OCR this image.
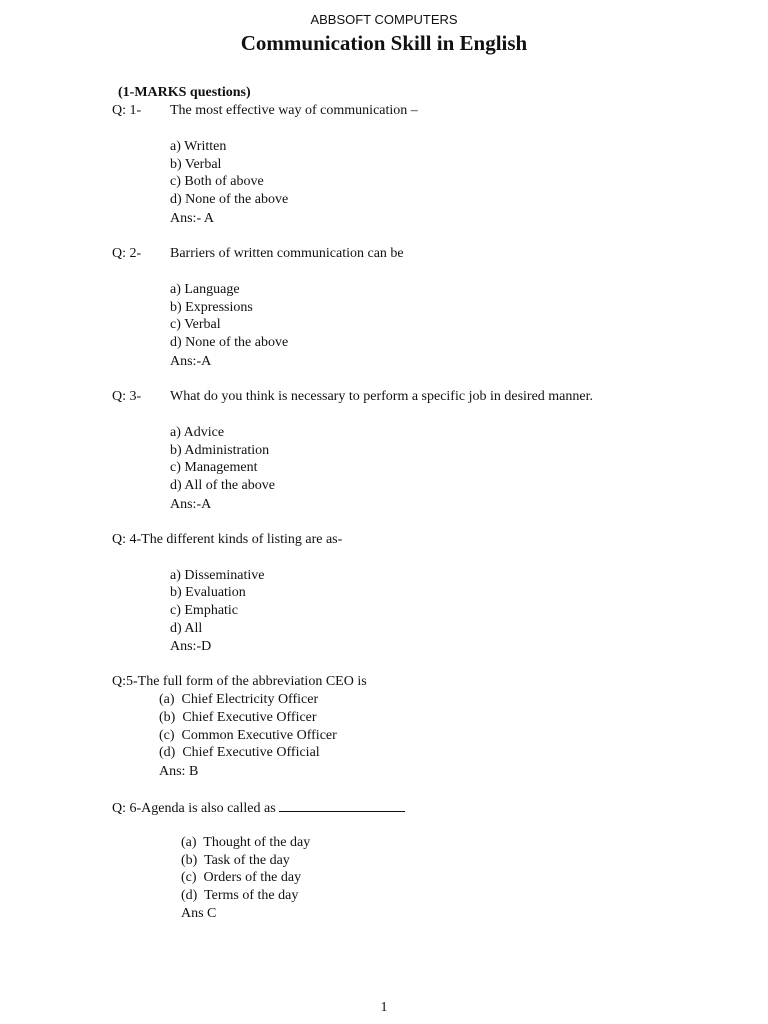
ABBSOFT COMPUTERS
Communication Skill in English
(1-MARKS questions)
Q: 1- The most effective way of communication –
a) Written
b) Verbal
c) Both of above
d) None of the above
Ans:- A
Q: 2- Barriers of written communication can be
a) Language
b) Expressions
c) Verbal
d) None of the above
Ans:-A
Q: 3- What do you think is necessary to perform a specific job in desired manner.
a) Advice
b) Administration
c) Management
d) All of the above
Ans:-A
Q: 4-The different kinds of listing are as-
a) Disseminative
b) Evaluation
c) Emphatic
d) All
Ans:-D
Q:5-The full form of the abbreviation CEO is
(a)  Chief Electricity Officer
(b)  Chief Executive Officer
(c)  Common Executive Officer
(d)  Chief Executive Official
Ans: B
Q: 6-Agenda is also called as
(a)  Thought of the day
(b)  Task of the day
(c)  Orders of the day
(d)  Terms of the day
Ans C
1
